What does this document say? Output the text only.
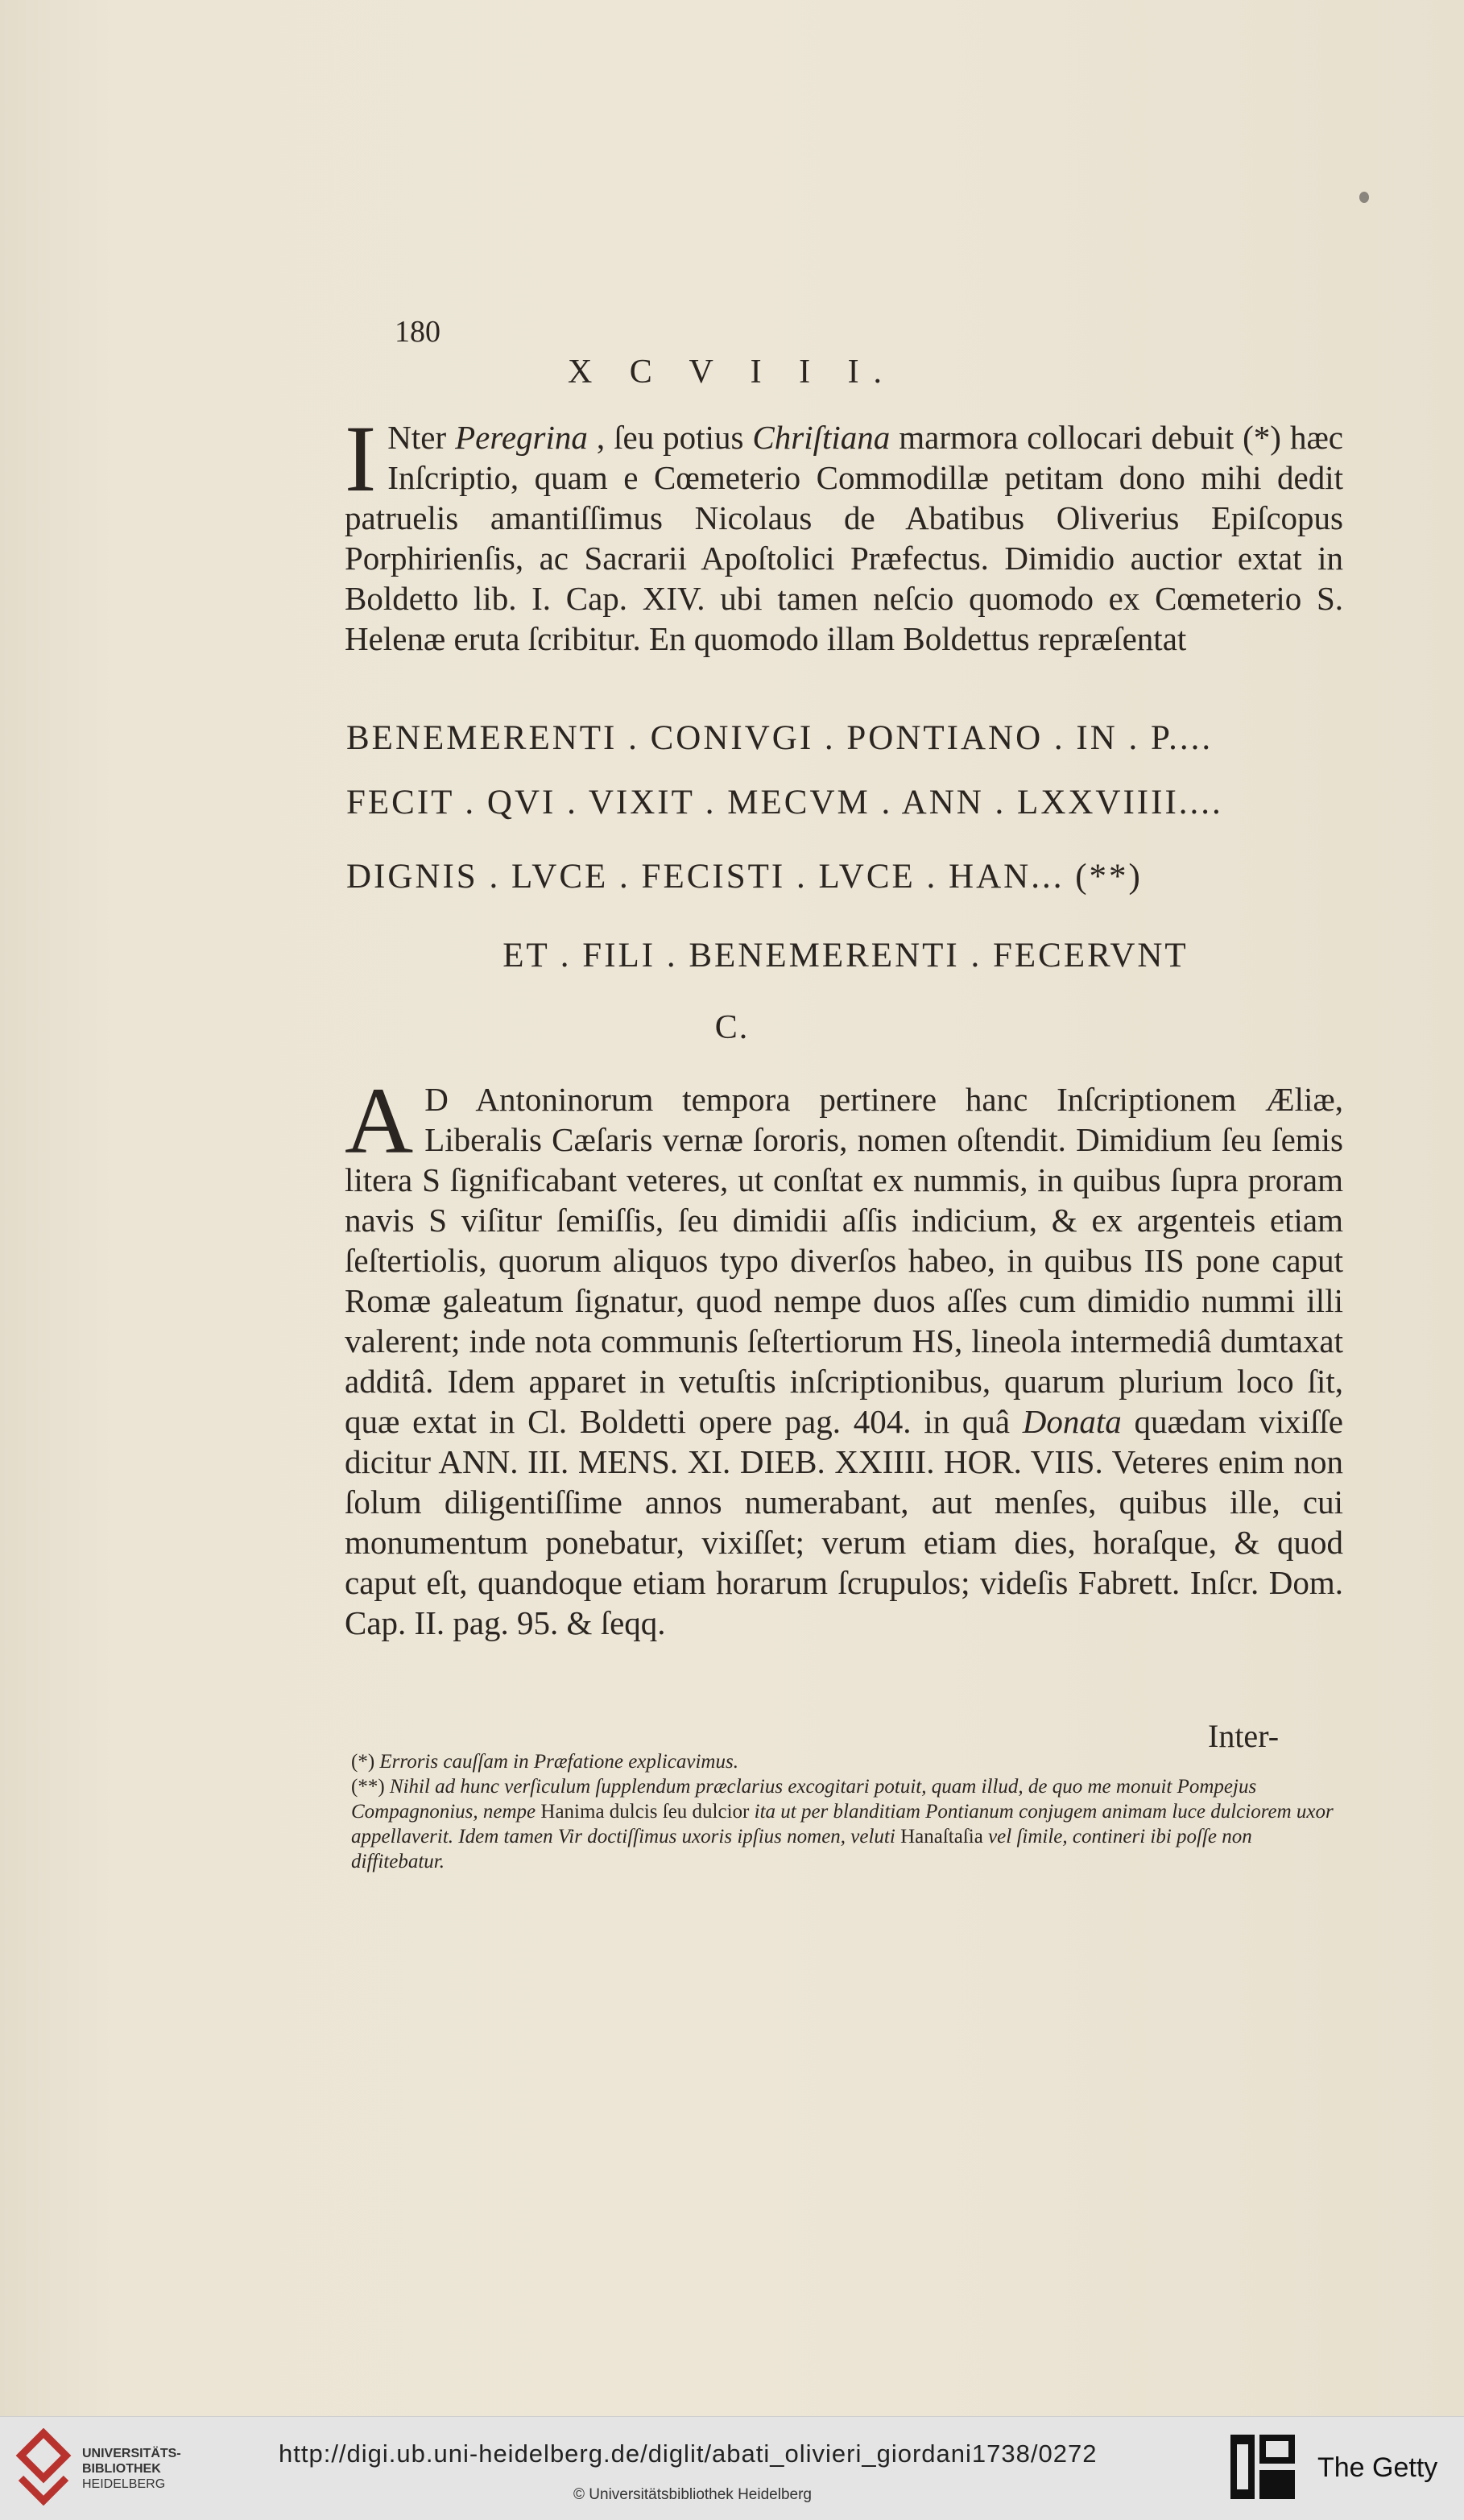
180
X C V I I I.
I Nter Peregrina , ſeu potius Chriſtiana marmora collocari debuit (*) hæc Inſcriptio, quam e Cœmeterio Commodillæ petitam dono mihi dedit patruelis amantiſſimus Nicolaus de Abatibus Oliverius Epiſcopus Porphirienſis, ac Sacrarii Apoſtolici Præfectus. Dimidio auctior extat in Boldetto lib. I. Cap. XIV. ubi tamen neſcio quomodo ex Cœmeterio S. Helenæ eruta ſcribitur. En quomodo illam Boldettus repræſentat
BENEMERENTI . CONIVGI . PONTIANO . IN . P....
FECIT . QVI . VIXIT . MECVM . ANN . LXXVIIII....
DIGNIS . LVCE . FECISTI . LVCE . HAN... (**)
ET . FILI . BENEMERENTI . FECERVNT
C.
A D Antoninorum tempora pertinere hanc Inſcriptionem Æliæ, Liberalis Cæſaris vernæ ſororis, nomen oſtendit. Dimidium ſeu ſemis litera S ſignificabant veteres, ut conſtat ex nummis, in quibus ſupra proram navis S viſitur ſemiſſis, ſeu dimidii aſſis indicium, & ex argenteis etiam ſeſtertiolis, quorum aliquos typo diverſos habeo, in quibus IIS pone caput Romæ galeatum ſignatur, quod nempe duos aſſes cum dimidio nummi illi valerent; inde nota communis ſeſtertiorum HS, lineola intermediâ dumtaxat additâ. Idem apparet in vetuſtis inſcriptionibus, quarum plurium loco ſit, quæ extat in Cl. Boldetti opere pag. 404. in quâ Donata quædam vixiſſe dicitur ANN. III. MENS. XI. DIEB. XXIIII. HOR. VIIS. Veteres enim non ſolum diligentiſſime annos numerabant, aut menſes, quibus ille, cui monumentum ponebatur, vixiſſet; verum etiam dies, horaſque, & quod caput eſt, quandoque etiam horarum ſcrupulos; videſis Fabrett. Inſcr. Dom. Cap. II. pag. 95. & ſeqq.
Inter-
(*) Erroris cauſſam in Præfatione explicavimus.
(**) Nihil ad hunc verſiculum ſupplendum præclarius excogitari potuit, quam illud, de quo me monuit Pompejus Compagnonius, nempe Hanima dulcis ſeu dulcior ita ut per blanditiam Pontianum conjugem animam luce dulciorem uxor appellaverit. Idem tamen Vir doctiſſimus uxoris ipſius nomen, veluti Hanaſtaſia vel ſimile, contineri ibi poſſe non diffitebatur.
UNIVERSITÄTS-
BIBLIOTHEK
HEIDELBERG
http://digi.ub.uni-heidelberg.de/diglit/abati_olivieri_giordani1738/0272
© Universitätsbibliothek Heidelberg
The Getty
